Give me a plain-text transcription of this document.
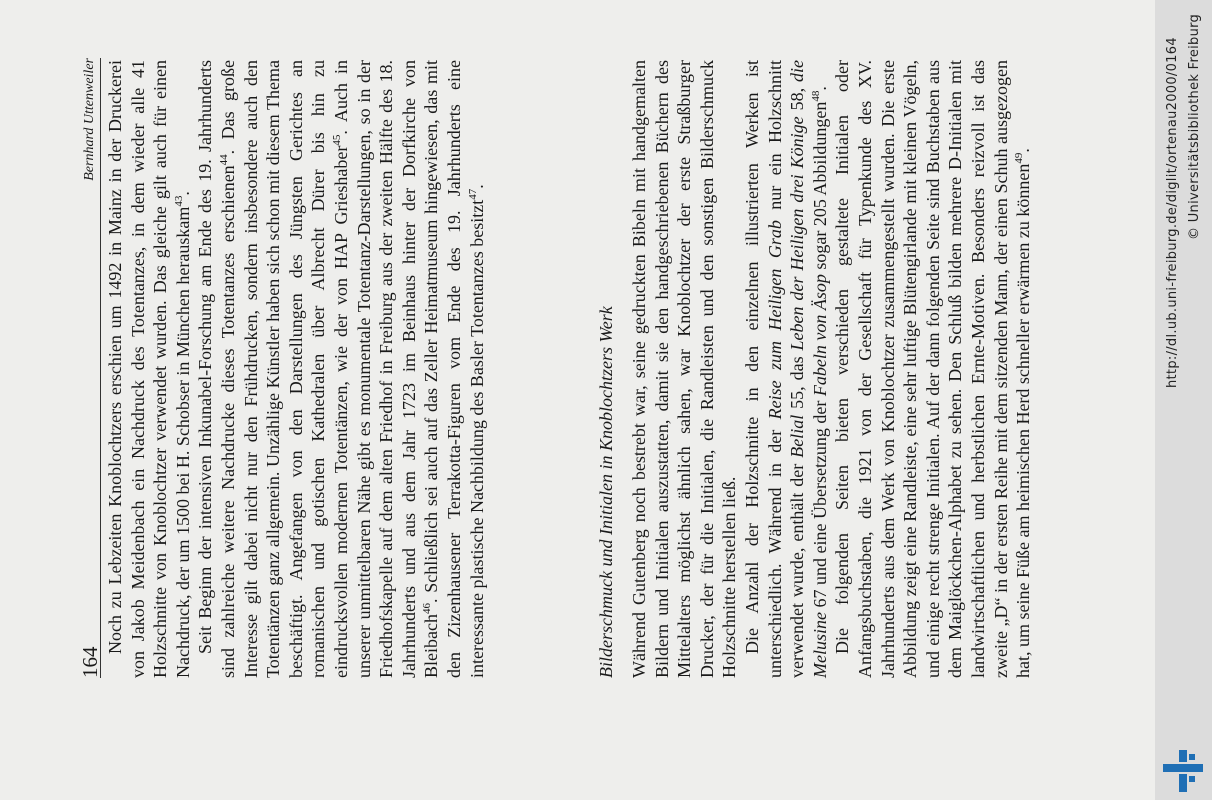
164
Bernhard Uttenweiler Noch zu Lebzeiten Knoblochtzers erschien um 1492 in Mainz in der Druckerei von Jakob Meidenbach ein Nachdruck des Totentanzes, in dem wieder alle 41 Holzschnitte von Knoblochtzer verwendet wurden. Das gleiche gilt auch für einen Nachdruck, der um 1500 bei H. Schobser in München herauskam$^{43}$. Seit Beginn der intensiven Inkunabel-Forschung am Ende des 19. Jahrhunderts sind zahlreiche weitere Nachdrucke dieses Totentanzes erschienen$^{44}$. Das große Interesse gilt dabei nicht nur den Frühdrucken, sondern insbesondere auch den Totentänzen ganz allgemein. Unzählige Künstler haben sich schon mit diesem Thema beschäftigt. Angefangen von den Darstellungen des Jüngsten Gerichtes an romanischen und gotischen Kathedralen über Albrecht Dürer bis hin zu eindrucksvollen modernen Totentänzen, wie der von HAP Grieshaber$^{45}$. Auch in unserer unmittelbaren Nähe gibt es monumentale Totentanz-Darstellungen, so in der Friedhofskapelle auf dem alten Friedhof in Freiburg aus der zweiten Hälfte des 18. Jahrhunderts und aus dem Jahr 1723 im Beinhaus hinter der Dorfkirche von Bleibach$^{46}$. Schließlich sei auch auf das Zeller Heimatmuseum hingewiesen, das mit den Zizenhausener Terrakotta-Figuren vom Ende des 19. Jahrhunderts eine interessante plastische Nachbildung des Basler Totentanzes besitzt$^{47}$.

Bilderschmuck und Initialen in Knoblochtzers Werk Während Gutenberg noch bestrebt war, seine gedruckten Bibeln mit handgemalten Bildern und Initialen auszustatten, damit sie den handgeschriebenen Büchern des Mittelalters möglichst ähnlich sahen, war Knoblochtzer der erste Straßburger Drucker, der für die Initialen, die Randleisten und den sonstigen Bilderschmuck Holzschnitte herstellen ließ. Die Anzahl der Holzschnitte in den einzelnen illustrierten Werken ist unterschiedlich. Während in der Reise zum Heiligen Grab nur ein Holzschnitt verwendet wurde, enthält der Belial 55, das Leben der Heiligen drei Könige 58, die Melusine 67 und eine Übersetzung der Fabeln von Äsop sogar 205 Abbildungen$^{48}$. Die folgenden Seiten bieten verschieden gestaltete Initialen oder Anfangsbuchstaben, die 1921 von der Gesellschaft für Typenkunde des XV. Jahrhunderts aus dem Werk von Knoblochtzer zusammengestellt wurden. Die erste Abbildung zeigt eine Randleiste, eine sehr luftige Blütengirlande mit kleinen Vögeln, und einige recht strenge Initialen. Auf der dann folgenden Seite sind Buchstaben aus dem Maiglöckchen-Alphabet zu sehen. Den Schluß bilden mehrere D-Initialen mit landwirtschaftlichen und herbstlichen Ernte-Motiven. Besonders reizvoll ist das zweite „D“ in der ersten Reihe mit dem sitzenden Mann, der einen Schuh ausgezogen hat, um seine Füße am heimischen Herd schneller erwärmen zu können$^{49}$.	http://dl.ub.uni-freiburg.de/diglit/ortenau2000/0164 © Universitätsbibliothek Freiburg
